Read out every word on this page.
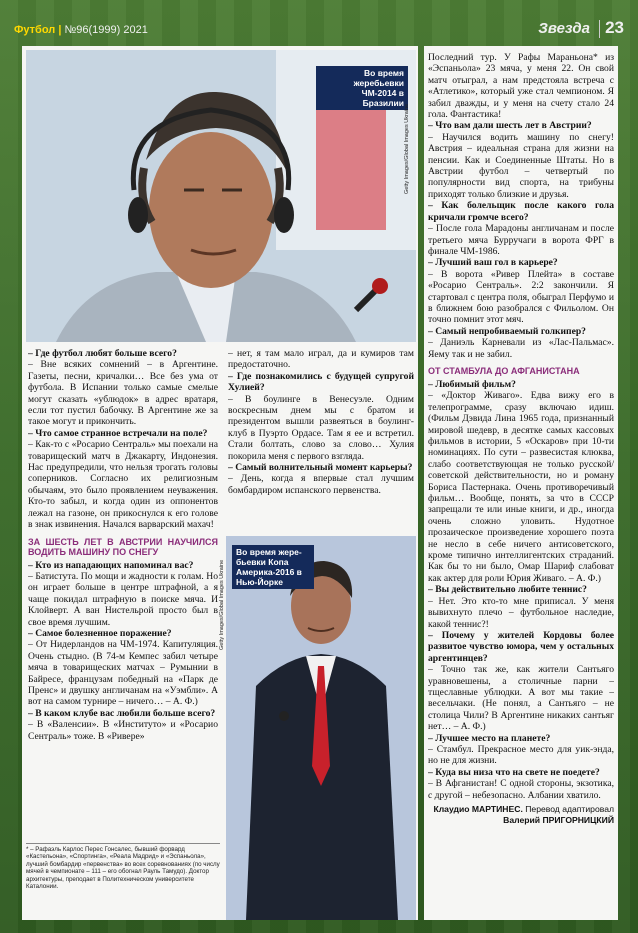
Футбол | №96(1999) 2021	Звезда 23
Во время жеребьевки ЧМ-2014 в Бразилии
Getty Images/Global Images Ukraine
Во время жере-бьевки Копа Америка-2016 в Нью-Йорке
Getty Images/Global Images Ukraine

– Где футбол любят больше всего?

– Вне всяких сомнений – в Аргентине. Газеты, песни, кричалки… Все без ума от футбола. В Испании только самые смелые могут сказать «ублюдок» в адрес вратаря, если тот пустил бабочку. В Аргентине же за такое могут и прикончить.

– Что самое странное встречали на поле?

– Как-то с «Росарио Сентраль» мы поехали на товарищеский матч в Джакарту, Индонезия. Нас предупредили, что нельзя трогать головы соперников. Согласно их религиозным обычаям, это было проявлением неуважения. Кто-то забыл, и когда один из оппонентов лежал на газоне, он прикоснулся к его голове в знак извинения. Начался варварский махач!

ЗА ШЕСТЬ ЛЕТ В АВСТРИИ НАУЧИЛСЯ ВОДИТЬ МАШИНУ ПО СНЕГУ

– Кто из нападающих напоминал вас?

– Батистута. По мощи и жадности к голам. Но он играет больше в центре штрафной, а я чаще покидал штрафную в поиске мяча. И Клойверт. А ван Нистельрой просто был в свое время лучшим.

– Самое болезненное поражение?

– От Нидерландов на ЧМ-1974. Капитуляция. Очень стыдно. (В 74-м Кемпес забил четыре мяча в товарищеских матчах – Румынии в Байресе, французам победный на «Парк де Пренс» и двушку англичанам на «Уэмбли». А вот на самом турнире – ничего… – А. Ф.)

– В каком клубе вас любили больше всего?

– В «Валенсии». В «Институто» и «Росарио Сентраль» тоже. В «Ривере»

– нет, я там мало играл, да и кумиров там предостаточно.

– Где познакомились с будущей супругой Хулией?

– В боулинге в Венесуэле. Одним воскресным днем мы с братом и президентом вышли развеяться в боулинг-клуб в Пуэрто Ордасе. Там я ее и встретил. Стали болтать, слово за слово… Хулия покорила меня с первого взгляда.

– Самый волнительный момент карьеры?

– День, когда я впервые стал лучшим бомбардиром испанского первенства.

Последний тур. У Рафы Мараньона* из «Эспаньола» 23 мяча, у меня 22. Он свой матч отыграл, а нам предстояла встреча с «Атлетико», который уже стал чемпионом. Я забил дважды, и у меня на счету стало 24 гола. Фантастика!

– Что вам дали шесть лет в Австрии?

– Научился водить машину по снегу! Австрия – идеальная страна для жизни на пенсии. Как и Соединенные Штаты. Но в Австрии футбол – четвертый по популярности вид спорта, на трибуны приходят только близкие и друзья.

– Как болельщик после какого гола кричали громче всего?

– После гола Марадоны англичанам и после третьего мяча Бурручаги в ворота ФРГ в финале ЧМ-1986.

– Лучший ваш гол в карьере?

– В ворота «Ривер Плейта» в составе «Росарио Сентраль». 2:2 закончили. Я стартовал с центра поля, обыграл Перфумо и в ближнем бою разобрался с Фильолом. Он точно помнит этот мяч.

– Самый непробиваемый голкипер?

– Даниэль Карневали из «Лас-Пальмас». Яему так и не забил.

ОТ СТАМБУЛА ДО АФГАНИСТАНА

– Любимый фильм?

– «Доктор Живаго». Едва вижу его в телепрограмме, сразу включаю идиш. (Фильм Дэвида Лина 1965 года, признанный мировой шедевр, в десятке самых кассовых фильмов в истории, 5 «Оскаров» при 10-ти номинациях. По сути – развесистая клюква, слабо соответствующая не только русской/советской действительности, но и роману Бориса Пастернака. Очень противоречивый фильм… Вообще, понять, за что в СССР запрещали те или иные книги, и др., иногда очень сложно уловить. Нудотное прозаическое произведение хорошего поэта не несло в себе ничего антисоветского, кроме типично интеллигентских страданий. Как бы то ни было, Омар Шариф слабоват как актер для роли Юрия Живаго. – А. Ф.)

– Вы действительно любите теннис?

– Нет. Это кто-то мне приписал. У меня вывихнуто плечо – футбольное наследие, какой теннис?!

– Почему у жителей Кордовы более развитое чувство юмора, чем у остальных аргентинцев?

– Точно так же, как жители Сантьяго уравновешены, а столичные парни – тщеславные ублюдки. А вот мы такие – весельчаки. (Не понял, а Сантьяго – не столица Чили? В Аргентине никаких сантьяг нет… – А. Ф.)

– Лучшее место на планете?

– Стамбул. Прекрасное место для уик-энда, но не для жизни.

– Куда вы низа что на свете не поедете?

– В Афганистан! С одной стороны, экзотика, с другой – небезопасно. Албании хватило.

Клаудио МАРТИНЕС. Перевод адаптировал
Валерий ПРИГОРНИЦКИЙ
* – Рафаэль Карлос Перес Гонсалес, бывший форвард «Кастельона», «Спортинга», «Реала Мадрид» и «Эспаньола», лучший бомбардир «первенства» во всех соревнованиях (по числу мячей в чемпионате – 111 – его обогнал Рауль Тамудо). Доктор архитектуры, преподает в Политехническом университете Каталонии.
